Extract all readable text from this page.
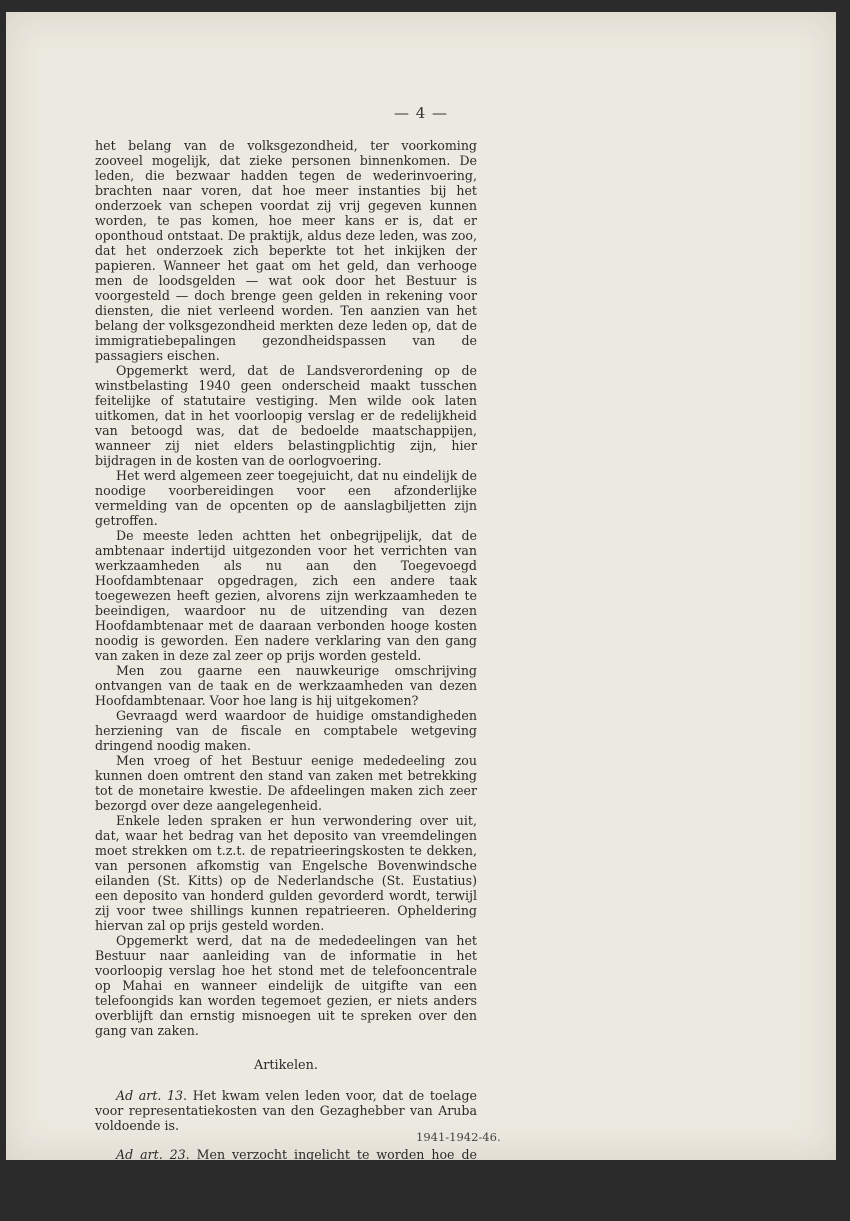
— 4 —

het belang van de volksgezondheid, ter voorkoming zooveel mogelijk, dat zieke personen binnenkomen. De leden, die bezwaar hadden tegen de wederinvoering, brachten naar voren, dat hoe meer instanties bij het onderzoek van schepen voordat zij vrij gegeven kunnen worden, te pas komen, hoe meer kans er is, dat er oponthoud ontstaat. De praktijk, aldus deze leden, was zoo, dat het onderzoek zich beperkte tot het inkijken der papieren. Wanneer het gaat om het geld, dan verhooge men de loodsgelden — wat ook door het Bestuur is voorgesteld — doch brenge geen gelden in rekening voor diensten, die niet verleend worden. Ten aanzien van het belang der volksgezondheid merkten deze leden op, dat de immigratiebepalingen gezondheidspassen van de passagiers eischen.

Opgemerkt werd, dat de Landsverordening op de winstbelasting 1940 geen onderscheid maakt tusschen feitelijke of statutaire vestiging. Men wilde ook laten uitkomen, dat in het voorloopig verslag er de redelijkheid van betoogd was, dat de bedoelde maatschappijen, wanneer zij niet elders belastingplichtig zijn, hier bijdragen in de kosten van de oorlogvoering.

Het werd algemeen zeer toegejuicht, dat nu eindelijk de noodige voorbereidingen voor een afzonderlijke vermelding van de opcenten op de aanslagbiljetten zijn getroffen.

De meeste leden achtten het onbegrijpelijk, dat de ambtenaar indertijd uitgezonden voor het verrichten van werkzaamheden als nu aan den Toegevoegd Hoofdambtenaar opgedragen, zich een andere taak toegewezen heeft gezien, alvorens zijn werkzaamheden te beeindigen, waardoor nu de uitzending van dezen Hoofdambtenaar met de daaraan verbonden hooge kosten noodig is geworden. Een nadere verklaring van den gang van zaken in deze zal zeer op prijs worden gesteld.

Men zou gaarne een nauwkeurige omschrijving ontvangen van de taak en de werkzaamheden van dezen Hoofdambtenaar. Voor hoe lang is hij uitgekomen?

Gevraagd werd waardoor de huidige omstandigheden herziening van de fiscale en comptabele wetgeving dringend noodig maken.

Men vroeg of het Bestuur eenige mededeeling zou kunnen doen omtrent den stand van zaken met betrekking tot de monetaire kwestie. De afdeelingen maken zich zeer bezorgd over deze aangelegenheid.

Enkele leden spraken er hun verwondering over uit, dat, waar het bedrag van het deposito van vreemdelingen moet strekken om t.z.t. de repatrieeringskosten te dekken, van personen afkomstig van Engelsche Bovenwindsche eilanden (St. Kitts) op de Nederlandsche (St. Eustatius) een deposito van honderd gulden gevorderd wordt, terwijl zij voor twee shillings kunnen repatrieeren. Opheldering hiervan zal op prijs gesteld worden.

Opgemerkt werd, dat na de mededeelingen van het Bestuur naar aanleiding van de informatie in het voorloopig verslag hoe het stond met de telefooncentrale op Mahai en wanneer eindelijk de uitgifte van een telefoongids kan worden tegemoet gezien, er niets anders overblijft dan ernstig misnoegen uit te spreken over den gang van zaken.

Artikelen.

Ad art. 13. Het kwam velen leden voor, dat de toelage voor representatiekosten van den Gezaghebber van Aruba voldoende is.

Ad art. 23. Men verzocht ingelicht te worden hoe de mededeeling in de algemeene beschouwingen, dat het Bestuur de door de afdeelingen ten aanzien van de onderwijsuitgaven ge-

1941-1942-46.
